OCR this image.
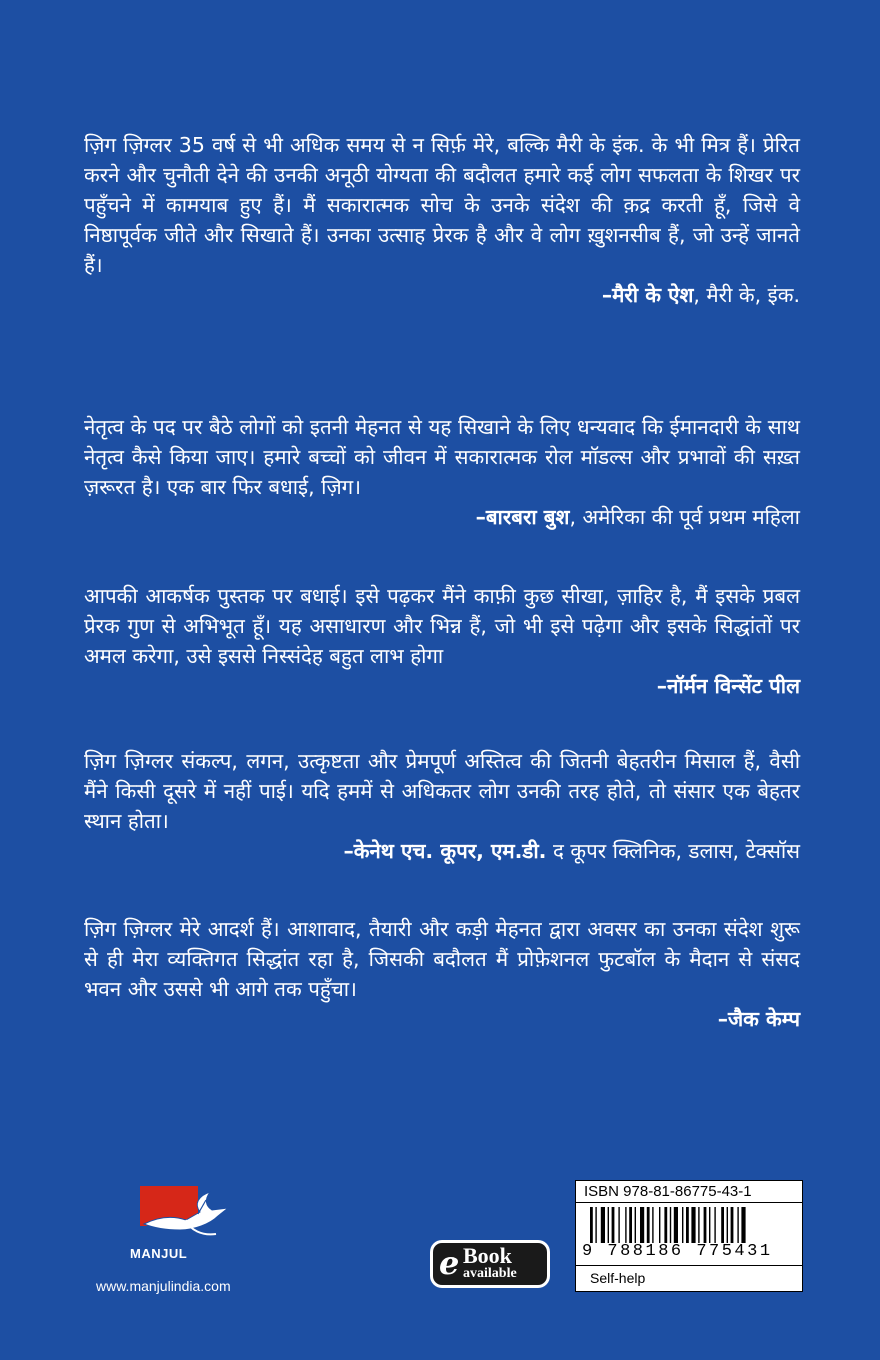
ज़िग ज़िग्लर 35 वर्ष से भी अधिक समय से न सिर्फ़ मेरे, बल्कि मैरी के इंक. के भी मित्र हैं। प्रेरित करने और चुनौती देने की उनकी अनूठी योग्यता की बदौलत हमारे कई लोग सफलता के शिखर पर पहुँचने में कामयाब हुए हैं। मैं सकारात्मक सोच के उनके संदेश की क़द्र करती हूँ, जिसे वे निष्ठापूर्वक जीते और सिखाते हैं। उनका उत्साह प्रेरक है और वे लोग ख़ुशनसीब हैं, जो उन्हें जानते हैं।

–मैरी के ऐश, मैरी के, इंक.

नेतृत्व के पद पर बैठे लोगों को इतनी मेहनत से यह सिखाने के लिए धन्यवाद कि ईमानदारी के साथ नेतृत्व कैसे किया जाए। हमारे बच्चों को जीवन में सकारात्मक रोल मॉडल्स और प्रभावों की सख़्त ज़रूरत है। एक बार फिर बधाई, ज़िग।

–बारबरा बुश, अमेरिका की पूर्व प्रथम महिला

आपकी आकर्षक पुस्तक पर बधाई। इसे पढ़कर मैंने काफ़ी कुछ सीखा, ज़ाहिर है, मैं इसके प्रबल प्रेरक गुण से अभिभूत हूँ। यह असाधारण और भिन्न हैं, जो भी इसे पढ़ेगा और इसके सिद्धांतों पर अमल करेगा, उसे इससे निस्संदेह बहुत लाभ होगा

–नॉर्मन विन्सेंट पील

ज़िग ज़िग्लर संकल्प, लगन, उत्कृष्टता और प्रेमपूर्ण अस्तित्व की जितनी बेहतरीन मिसाल हैं, वैसी मैंने किसी दूसरे में नहीं पाई। यदि हममें से अधिकतर लोग उनकी तरह होते, तो संसार एक बेहतर स्थान होता।

–केनेथ एच. कूपर, एम.डी. द कूपर क्लिनिक, डलास, टेक्सॉस

ज़िग ज़िग्लर मेरे आदर्श हैं। आशावाद, तैयारी और कड़ी मेहनत द्वारा अवसर का उनका संदेश शुरू से ही मेरा व्यक्तिगत सिद्धांत रहा है, जिसकी बदौलत मैं प्रोफ़ेशनल फुटबॉल के मैदान से संसद भवन और उससे भी आगे तक पहुँचा।

–जैक केम्प
MANJUL
www.manjulindia.com
e Book
available
ISBN 978-81-86775-43-1
9 788186 775431
Self-help
